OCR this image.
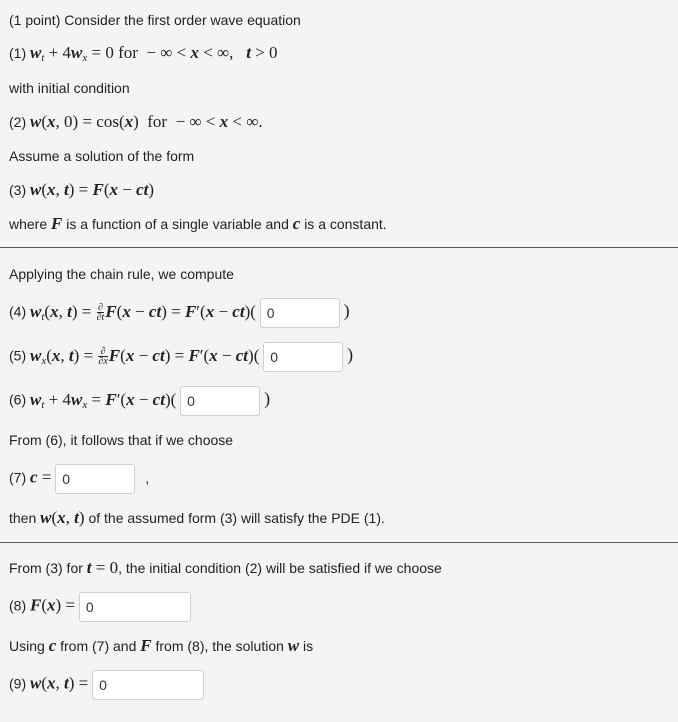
(1 point) Consider the first order wave equation
(1) $w_t + 4w_x = 0$ for  − ∞ < x < ∞,   t > 0
with initial condition
(2) w(x, 0) = cos(x)  for  − ∞ < x < ∞.
Assume a solution of the form
(3) w(x, t) = F(x − ct)
where F is a function of a single variable and c is a constant.
Applying the chain rule, we compute
(4) $w_t(x$, $t) = \frac{\partial}{\partial t} F(x - ct) = F'(x - ct)$( 0	)
(5) $w_x(x$, $t) = \frac{\partial}{\partial x} F(x - ct) = F'(x - ct)$( 0	)
(6) $w_t + 4w_x = F'(x - ct)$( 0	)
From (6), it follows that if we choose
(7) c = 0	,
then w(x, t) of the assumed form (3) will satisfy the PDE (1).
From (3) for t = 0, the initial condition (2) will be satisfied if we choose
(8) F(x) = 0
Using c from (7) and F from (8), the solution w is
(9) w(x, t) = 0
